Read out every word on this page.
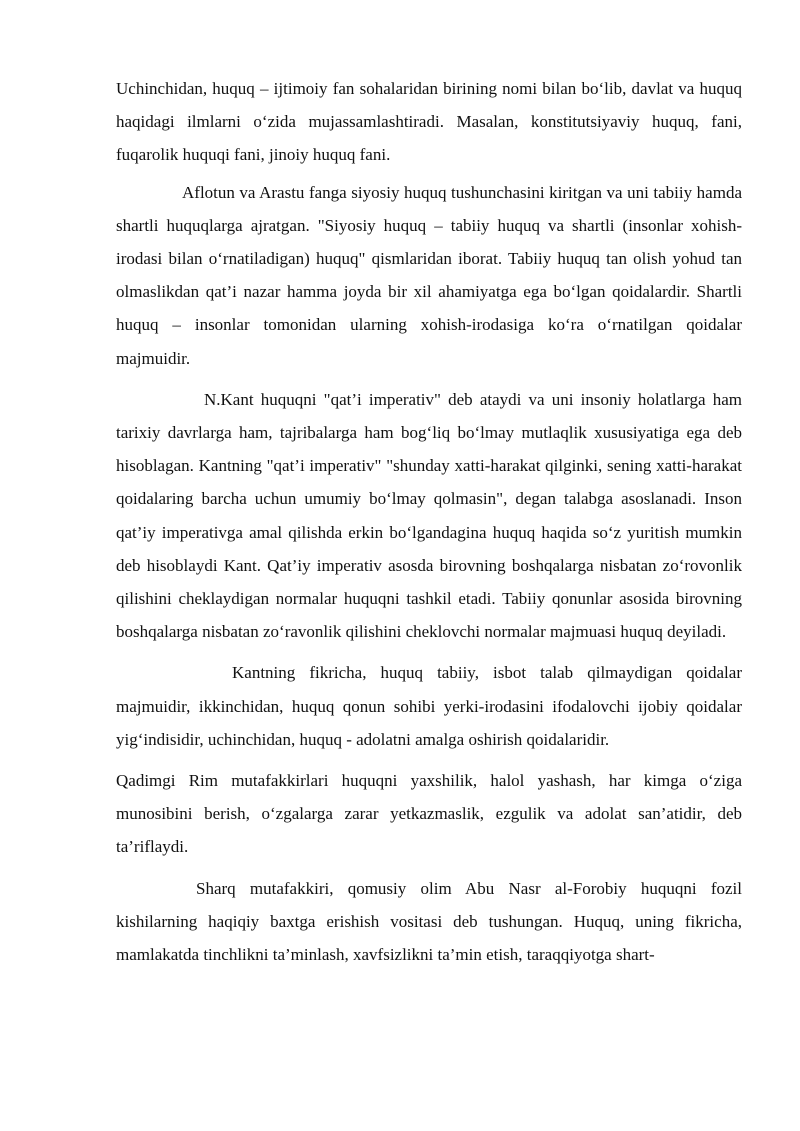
Uchinchidan, huquq – ijtimoiy fan sohalaridan birining nomi bilan bo‘lib, davlat va huquq haqidagi ilmlarni o‘zida mujassamlashtiradi. Masalan, konstitutsiyaviy huquq, fani, fuqarolik huquqi fani, jinoiy huquq fani.

Aflotun va Arastu fanga siyosiy huquq tushunchasini kiritgan va uni tabiiy hamda shartli huquqlarga ajratgan. "Siyosiy huquq – tabiiy huquq va shartli (insonlar xohish-irodasi bilan o‘rnatiladigan) huquq" qismlaridan iborat. Tabiiy huquq tan olish yohud tan olmaslikdan qat’i nazar hamma joyda bir xil ahamiyatga ega bo‘lgan qoidalardir. Shartli huquq – insonlar tomonidan ularning xohish-irodasiga ko‘ra o‘rnatilgan qoidalar majmuidir.

N.Kant huquqni "qat’i imperativ" deb ataydi va uni insoniy holatlarga ham tarixiy davrlarga ham, tajribalarga ham bog‘liq bo‘lmay mutlaqlik xususiyatiga ega deb hisoblagan. Kantning "qat’i imperativ" "shunday xatti-harakat qilginki, sening xatti-harakat qoidalaring barcha uchun umumiy bo‘lmay qolmasin", degan talabga asoslanadi. Inson qat’iy imperativga amal qilishda erkin bo‘lgandagina huquq haqida so‘z yuritish mumkin deb hisoblaydi Kant. Qat’iy imperativ asosda birovning boshqalarga nisbatan zo‘rovonlik qilishini cheklaydigan normalar huquqni tashkil etadi. Tabiiy qonunlar asosida birovning boshqalarga nisbatan zo‘ravonlik qilishini cheklovchi normalar majmuasi huquq deyiladi.

Kantning fikricha, huquq tabiiy, isbot talab qilmaydigan qoidalar majmuidir, ikkinchidan, huquq qonun sohibi yerki-irodasini ifodalovchi ijobiy qoidalar yig‘indisidir, uchinchidan, huquq - adolatni amalga oshirish qoidalaridir.

Qadimgi Rim mutafakkirlari huquqni yaxshilik, halol yashash, har kimga o‘ziga munosibini berish, o‘zgalarga zarar yetkazmaslik, ezgulik va adolat san’atidir, deb ta’riflaydi.

Sharq mutafakkiri, qomusiy olim Abu Nasr al-Forobiy huquqni fozil kishilarning haqiqiy baxtga erishish vositasi deb tushungan. Huquq, uning fikricha, mamlakatda tinchlikni ta’minlash, xavfsizlikni ta’min etish, taraqqiyotga shart-
